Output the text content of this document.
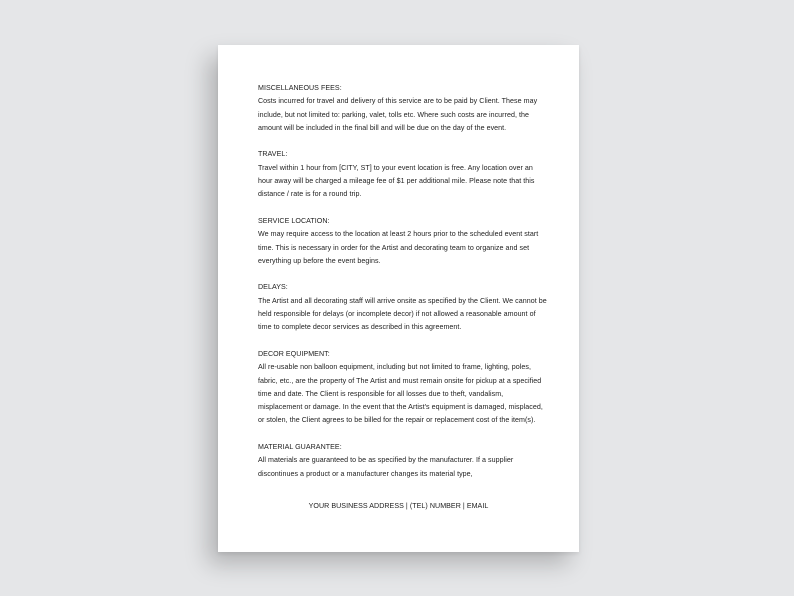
MISCELLANEOUS FEES:
Costs incurred for travel and delivery of this service are to be paid by Client. These may
include, but not limited to: parking, valet, tolls etc. Where such costs are incurred, the
amount will be included in the final bill and will be due on the day of the event.
TRAVEL:
Travel within 1 hour from [CITY, ST] to your event location is free. Any location over an
hour away will be charged a mileage fee of $1 per additional mile. Please note that this
distance / rate is for a round trip.
SERVICE LOCATION:
We may require access to the location at least 2 hours prior to the scheduled event start
time. This is necessary in order for the Artist and decorating team to organize and set
everything up before the event begins.
DELAYS:
The Artist and all decorating staff will arrive onsite as specified by the Client. We cannot be
held responsible for delays (or incomplete decor) if not allowed a reasonable amount of
time to complete decor services as described in this agreement.
DECOR EQUIPMENT:
All re-usable non balloon equipment, including but not limited to frame, lighting, poles,
fabric, etc., are the property of The Artist and must remain onsite for pickup at a specified
time and date. The Client is responsible for all losses due to theft, vandalism,
misplacement or damage. In the event that the Artist's equipment is damaged, misplaced,
or stolen, the Client agrees to be billed for the repair or replacement cost of the item(s).
MATERIAL GUARANTEE:
All materials are guaranteed to be as specified by the manufacturer. If a supplier
discontinues a product or a manufacturer changes its material type,
YOUR BUSINESS ADDRESS | (TEL) NUMBER | EMAIL
